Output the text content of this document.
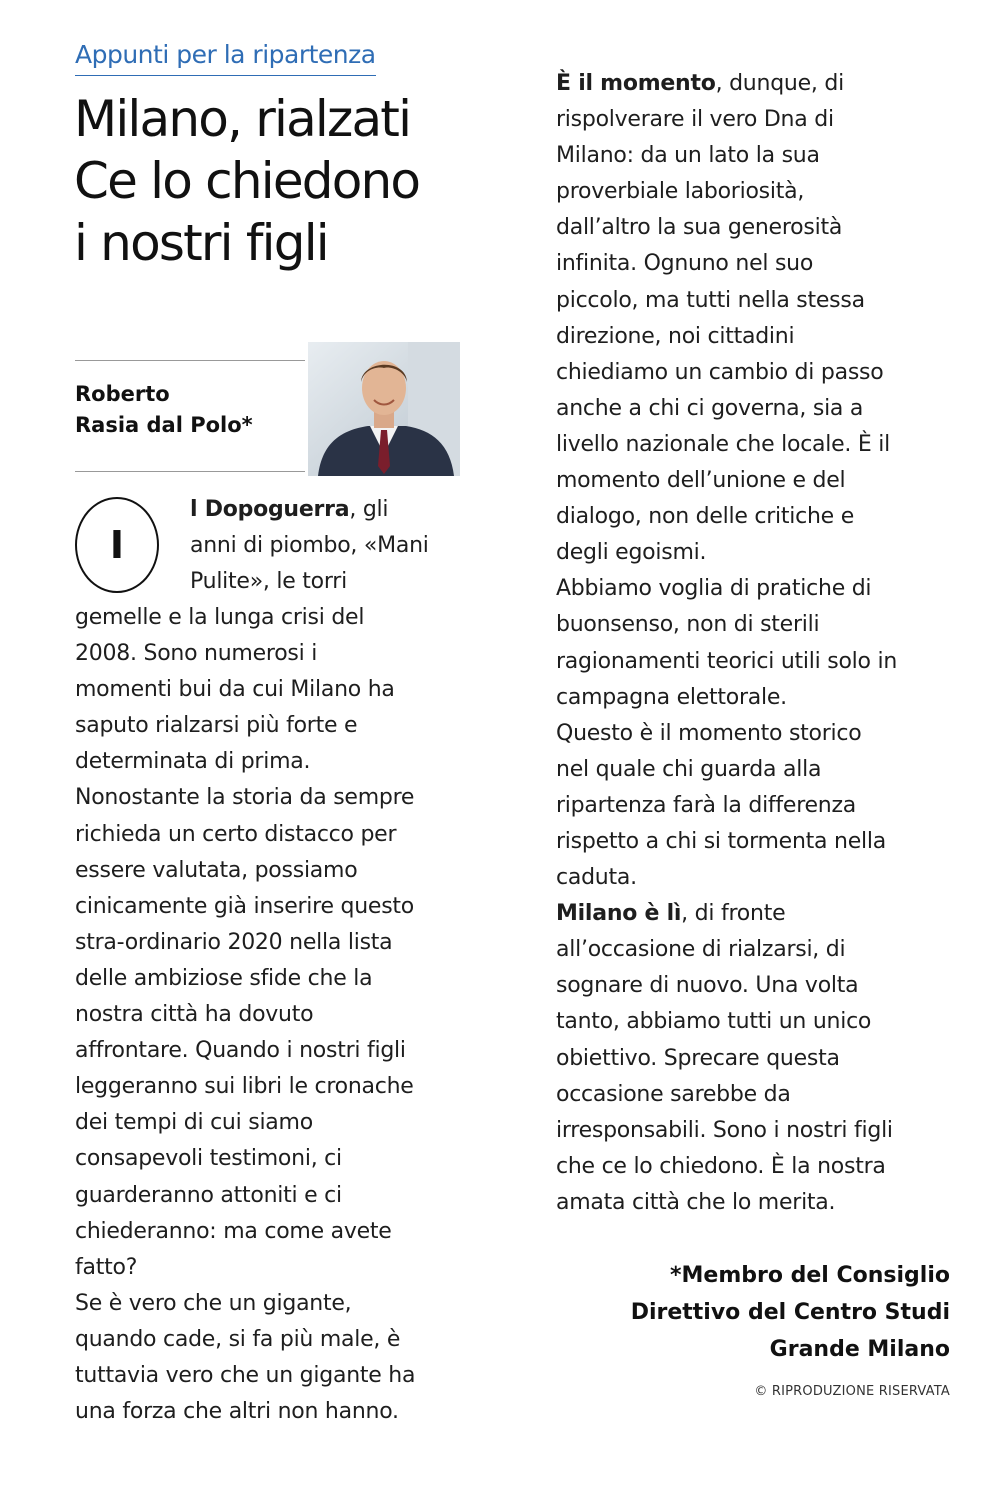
Appunti per la ripartenza
Milano, rialzati
Ce lo chiedono
i nostri figli
Roberto
Rasia dal Polo*
I
l Dopoguerra, gli
anni di piombo, «Mani
Pulite», le torri
gemelle e la lunga crisi del
2008. Sono numerosi i
momenti bui da cui Milano ha
saputo rialzarsi più forte e
determinata di prima.
Nonostante la storia da sempre
richieda un certo distacco per
essere valutata, possiamo
cinicamente già inserire questo
stra-ordinario 2020 nella lista
delle ambiziose sfide che la
nostra città ha dovuto
affrontare. Quando i nostri figli
leggeranno sui libri le cronache
dei tempi di cui siamo
consapevoli testimoni, ci
guarderanno attoniti e ci
chiederanno: ma come avete
fatto?
Se è vero che un gigante,
quando cade, si fa più male, è
tuttavia vero che un gigante ha
una forza che altri non hanno.
È il momento, dunque, di
rispolverare il vero Dna di
Milano: da un lato la sua
proverbiale laboriosità,
dall’altro la sua generosità
infinita. Ognuno nel suo
piccolo, ma tutti nella stessa
direzione, noi cittadini
chiediamo un cambio di passo
anche a chi ci governa, sia a
livello nazionale che locale. È il
momento dell’unione e del
dialogo, non delle critiche e
degli egoismi.
Abbiamo voglia di pratiche di
buonsenso, non di sterili
ragionamenti teorici utili solo in
campagna elettorale.
Questo è il momento storico
nel quale chi guarda alla
ripartenza farà la differenza
rispetto a chi si tormenta nella
caduta.
Milano è lì, di fronte
all’occasione di rialzarsi, di
sognare di nuovo. Una volta
tanto, abbiamo tutti un unico
obiettivo. Sprecare questa
occasione sarebbe da
irresponsabili. Sono i nostri figli
che ce lo chiedono. È la nostra
amata città che lo merita.
*Membro del Consiglio
Direttivo del Centro Studi
Grande Milano
© RIPRODUZIONE RISERVATA
